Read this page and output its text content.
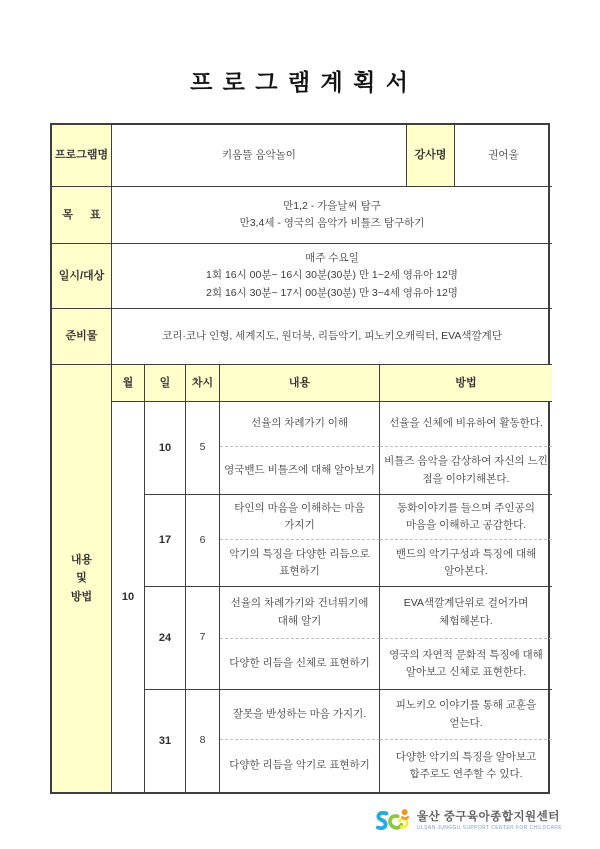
프 로 그 램 계 획 서
프로그램명	키움뜰 음악놀이	강사명	권어울
목 표	만1,2 - 가을날씨 탐구
만3,4세 - 영국의 음악가 비틀즈 탐구하기		

일시/대상	매주 수요일
1회 16시 00분~ 16시 30분(30분) 만 1~2세 영유아 12명
2회 16시 30분~ 17시 00분(30분) 만 3~4세 영유아 12명		

준비물	코리·코나 인형, 세계지도, 원더북, 리듬악기, 피노키오캐릭터, EVA색깔계단		
내용
및
방법	월	일	차시	내용	방법
	10	10	5	선율의 차례가기 이해	선율을 신체에 비유하여 활동한다.
				영국밴드 비틀즈에 대해 알아보기	비틀즈 음악을 감상하여 자신의 느낀 점을 이야기해본다.
		17	6	타인의 마음을 이해하는 마음 가지기	동화이야기를 들으며 주인공의 마음을 이해하고 공감한다.
				악기의 특징을 다양한 리듬으로 표현하기	밴드의 악기구성과 특징에 대해 알아본다.
		24	7	선율의 차례가기와 건너뛰기에 대해 알기	EVA색깔계단위로 걸어가며 체험해본다.
				다양한 리듬을 신체로 표현하기	영국의 자연적 문화적 특징에 대해 알아보고 신체로 표현한다.
		31	8	잘못을 반성하는 마음 가지기.	피노키오 이야기를 통해 교훈을 얻는다.
				다양한 리듬을 악기로 표현하기	다양한 악기의 특징을 알아보고 합주로도 연주할 수 있다.
울산 중구육아종합지원센터
ULSAN JUNGGU SUPPORT CENTER FOR CHILDCARE
